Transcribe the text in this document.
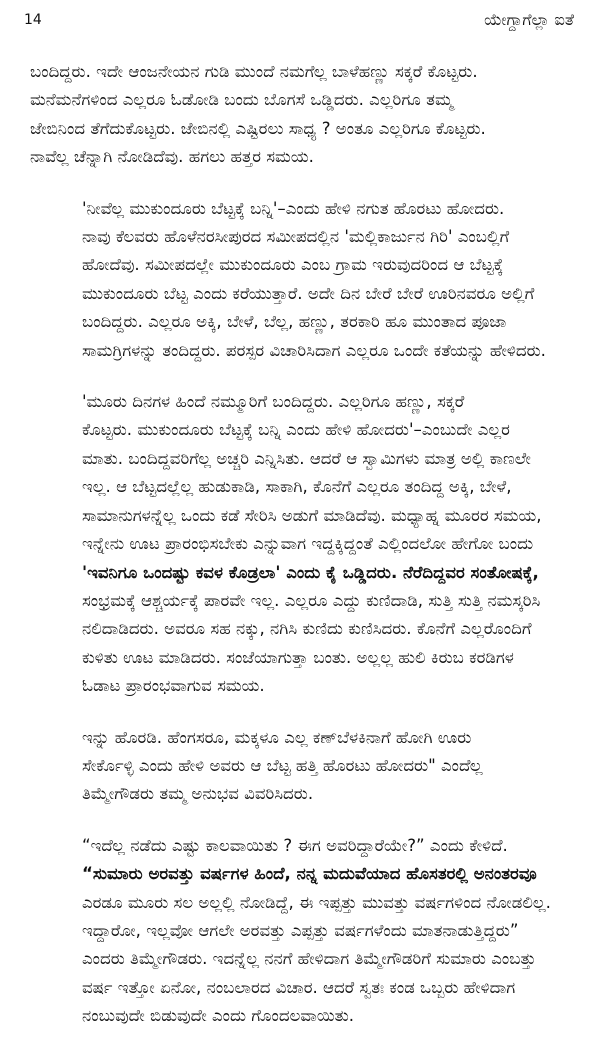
14	ಯೇಗ್ದಾಗೆಲ್ಲಾ ಐತೆ

ಬಂದಿದ್ದರು. ಇದೇ ಆಂಜನೇಯನ ಗುಡಿ ಮುಂದೆ ನಮಗೆಲ್ಲ ಬಾಳೆಹಣ್ಣು ಸಕ್ಕರೆ ಕೊಟ್ಟರು.
ಮನೆಮನೆಗಳಿಂದ ಎಲ್ಲರೂ ಓಡೋಡಿ ಬಂದು ಬೊಗಸೆ ಒಡ್ಡಿದರು. ಎಲ್ಲರಿಗೂ ತಮ್ಮ
ಜೇಬಿನಿಂದ ತೆಗೆದುಕೊಟ್ಟರು. ಜೇಬಿನಲ್ಲಿ ಎಷ್ಟಿರಲು ಸಾಧ್ಯ ? ಅಂತೂ ಎಲ್ಲರಿಗೂ ಕೊಟ್ಟರು.
ನಾವೆಲ್ಲ ಚೆನ್ನಾಗಿ ನೋಡಿದೆವು. ಹಗಲು ಹತ್ತರ ಸಮಯ.

'ನೀವೆಲ್ಲ ಮುಕುಂದೂರು ಬೆಟ್ಟಕ್ಕೆ ಬನ್ನಿ'–ಎಂದು ಹೇಳಿ ನಗುತ ಹೊರಟು ಹೋದರು.
ನಾವು ಕೆಲವರು ಹೊಳೆನರಸೀಪುರದ ಸಮೀಪದಲ್ಲಿನ 'ಮಲ್ಲಿಕಾರ್ಜುನ ಗಿರಿ' ಎಂಬಲ್ಲಿಗೆ
ಹೋದೆವು. ಸಮೀಪದಲ್ಲೇ ಮುಕುಂದೂರು ಎಂಬ ಗ್ರಾಮ ಇರುವುದರಿಂದ ಆ ಬೆಟ್ಟಕ್ಕೆ
ಮುಕುಂದೂರು ಬೆಟ್ಟ ಎಂದು ಕರೆಯುತ್ತಾರೆ. ಅದೇ ದಿನ ಬೇರೆ ಬೇರೆ ಊರಿನವರೂ ಅಲ್ಲಿಗೆ
ಬಂದಿದ್ದರು. ಎಲ್ಲರೂ ಅಕ್ಕಿ, ಬೇಳೆ, ಬೆಲ್ಲ, ಹಣ್ಣು, ತರಕಾರಿ ಹೂ ಮುಂತಾದ ಪೂಜಾ
ಸಾಮಗ್ರಿಗಳನ್ನು ತಂದಿದ್ದರು. ಪರಸ್ಪರ ವಿಚಾರಿಸಿದಾಗ ಎಲ್ಲರೂ ಒಂದೇ ಕತೆಯನ್ನು ಹೇಳಿದರು.

'ಮೂರು ದಿನಗಳ ಹಿಂದೆ ನಮ್ಮೂರಿಗೆ ಬಂದಿದ್ದರು. ಎಲ್ಲರಿಗೂ ಹಣ್ಣು, ಸಕ್ಕರೆ
ಕೊಟ್ಟರು. ಮುಕುಂದೂರು ಬೆಟ್ಟಕ್ಕೆ ಬನ್ನಿ ಎಂದು ಹೇಳಿ ಹೋದರು'–ಎಂಬುದೇ ಎಲ್ಲರ
ಮಾತು. ಬಂದಿದ್ದವರಿಗೆಲ್ಲ ಅಚ್ಚರಿ ಎನ್ನಿಸಿತು. ಆದರೆ ಆ ಸ್ವಾಮಿಗಳು ಮಾತ್ರ ಅಲ್ಲಿ ಕಾಣಲೇ
ಇಲ್ಲ. ಆ ಬೆಟ್ಟದಲ್ಲೆಲ್ಲ ಹುಡುಕಾಡಿ, ಸಾಕಾಗಿ, ಕೊನೆಗೆ ಎಲ್ಲರೂ ತಂದಿದ್ದ ಅಕ್ಕಿ, ಬೇಳೆ,
ಸಾಮಾನುಗಳನ್ನೆಲ್ಲ ಒಂದು ಕಡೆ ಸೇರಿಸಿ ಅಡುಗೆ ಮಾಡಿದೆವು. ಮಧ್ಯಾಹ್ನ ಮೂರರ ಸಮಯ,
ಇನ್ನೇನು ಊಟ ಪ್ರಾರಂಭಿಸಬೇಕು ಎನ್ನುವಾಗ ಇದ್ದಕ್ಕಿದ್ದಂತೆ ಎಲ್ಲಿಂದಲೋ ಹೇಗೋ ಬಂದು
'ಇವನಿಗೂ ಒಂದಷ್ಟು ಕವಳ ಕೊಡ್ರಲಾ' ಎಂದು ಕೈ ಒಡ್ಡಿದರು. ನೆರೆದಿದ್ದವರ ಸಂತೋಷಕ್ಕೆ,
ಸಂಭ್ರಮಕ್ಕೆ ಆಶ್ಚರ್ಯಕ್ಕೆ ಪಾರವೇ ಇಲ್ಲ. ಎಲ್ಲರೂ ಎದ್ದು ಕುಣಿದಾಡಿ, ಸುತ್ತಿ ಸುತ್ತಿ ನಮಸ್ಕರಿಸಿ
ನಲಿದಾಡಿದರು. ಅವರೂ ಸಹ ನಕ್ಕು, ನಗಿಸಿ ಕುಣಿದು ಕುಣಿಸಿದರು. ಕೊನೆಗೆ ಎಲ್ಲರೊಂದಿಗೆ
ಕುಳಿತು ಊಟ ಮಾಡಿದರು. ಸಂಜೆಯಾಗುತ್ತಾ ಬಂತು. ಅಲ್ಲಲ್ಲ ಹುಲಿ ಕಿರುಬ ಕರಡಿಗಳ
ಓಡಾಟ ಪ್ರಾರಂಭವಾಗುವ ಸಮಯ.

ಇನ್ನು ಹೊರಡಿ. ಹೆಂಗಸರೂ, ಮಕ್ಕಳೂ ಎಲ್ಲ ಕಣ್‌ಬೆಳಕಿನಾಗೆ ಹೋಗಿ ಊರು
ಸೇರ್ಕೊಳ್ಳಿ ಎಂದು ಹೇಳಿ ಅವರು ಆ ಬೆಟ್ಟ ಹತ್ತಿ ಹೊರಟು ಹೋದರು" ಎಂದೆಲ್ಲ
ತಿಮ್ಮೇಗೌಡರು ತಮ್ಮ ಅನುಭವ ವಿವರಿಸಿದರು.

“ಇದೆಲ್ಲ ನಡೆದು ಎಷ್ಟು ಕಾಲವಾಯಿತು ? ಈಗ ಅವರಿದ್ದಾರೆಯೇ?” ಎಂದು ಕೇಳಿದೆ.
“ಸುಮಾರು ಅರವತ್ತು ವರ್ಷಗಳ ಹಿಂದೆ, ನನ್ನ ಮದುವೆಯಾದ ಹೊಸತರಲ್ಲಿ ಅನಂತರವೂ
ಎರಡೂ ಮೂರು ಸಲ ಅಲ್ಲಲ್ಲಿ ನೋಡಿದ್ದೆ, ಈ ಇಪ್ಪತ್ತು ಮುವತ್ತು ವರ್ಷಗಳಿಂದ ನೋಡಲಿಲ್ಲ.
ಇದ್ದಾರೋ, ಇಲ್ಲವೋ ಆಗಲೇ ಅರವತ್ತು ಎಪ್ಪತ್ತು ವರ್ಷಗಳೆಂದು ಮಾತನಾಡುತ್ತಿದ್ದರು”
ಎಂದರು ತಿಮ್ಮೇಗೌಡರು. ಇದನ್ನೆಲ್ಲ ನನಗೆ ಹೇಳಿದಾಗ ತಿಮ್ಮೇಗೌಡರಿಗೆ ಸುಮಾರು ಎಂಬತ್ತು
ವರ್ಷ ಇತ್ತೋ ಏನೋ, ನಂಬಲಾರದ ವಿಚಾರ. ಆದರೆ ಸ್ವತಃ ಕಂಡ ಒಬ್ಬರು ಹೇಳಿದಾಗ
ನಂಬುವುದೇ ಬಿಡುವುದೇ ಎಂದು ಗೊಂದಲವಾಯಿತು.
